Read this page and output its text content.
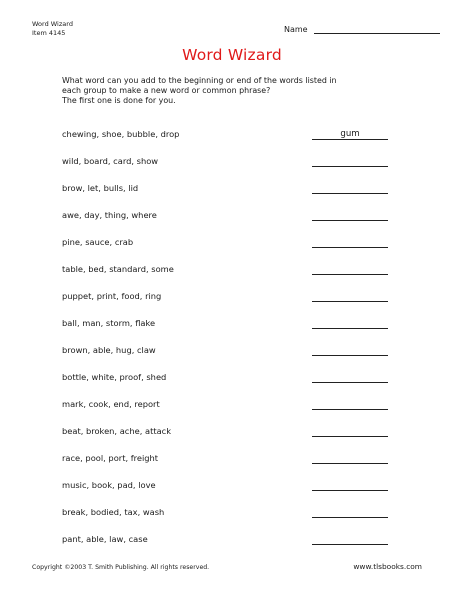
Word Wizard
Item 4145	Name
Word Wizard
What word can you add to the beginning or end of the words listed in
each group to make a new word or common phrase?
The first one is done for you.
chewing, shoe, bubble, drop	gum
wild, board, card, show
brow, let, bulls, lid
awe, day, thing, where
pine, sauce, crab
table, bed, standard, some
puppet, print, food, ring
ball, man, storm, flake
brown, able, hug, claw
bottle, white, proof, shed
mark, cook, end, report
beat, broken, ache, attack
race, pool, port, freight
music, book, pad, love
break, bodied, tax, wash
pant, able, law, case
Copyright ©2003 T. Smith Publishing. All rights reserved.	www.tlsbooks.com
